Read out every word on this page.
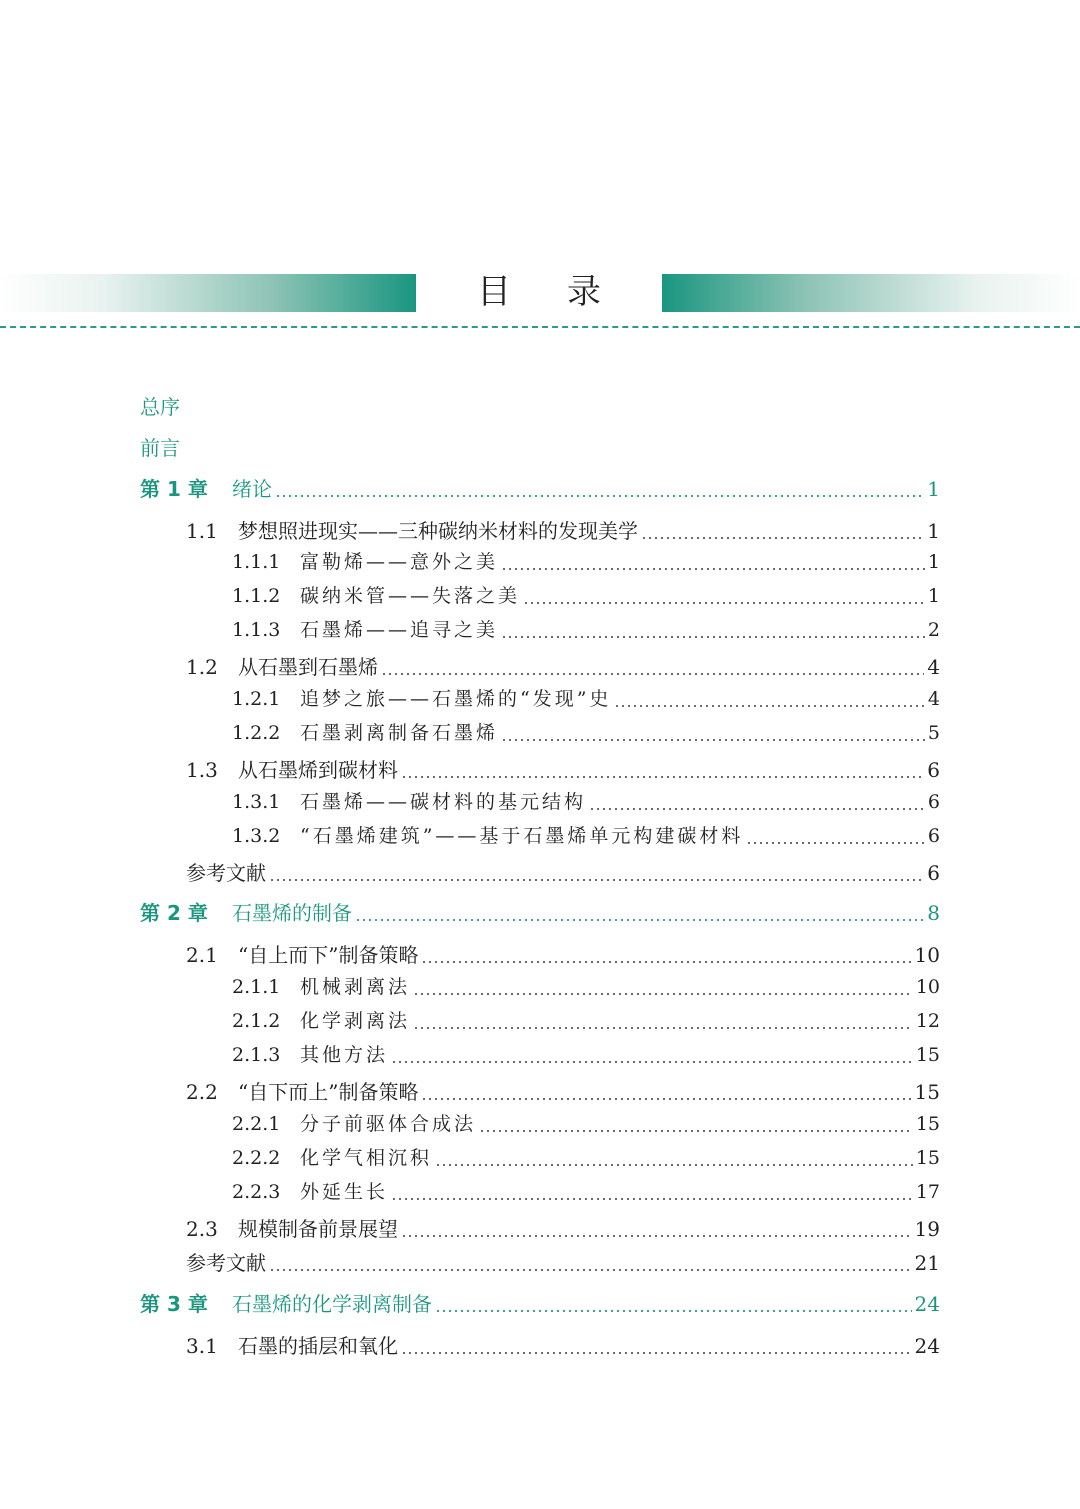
目录
总序
前言
第 1 章	绪论	1
1.1	梦想照进现实——三种碳纳米材料的发现美学	1
1.1.1	富勒烯——意外之美	1
1.1.2	碳纳米管——失落之美	1
1.1.3	石墨烯——追寻之美	2
1.2	从石墨到石墨烯	4
1.2.1	追梦之旅——石墨烯的“发现”史	4
1.2.2	石墨剥离制备石墨烯	5
1.3	从石墨烯到碳材料	6
1.3.1	石墨烯——碳材料的基元结构	6
1.3.2	“石墨烯建筑”——基于石墨烯单元构建碳材料	6
参考文献	6
第 2 章	石墨烯的制备	8
2.1	“自上而下”制备策略	10
2.1.1	机械剥离法	10
2.1.2	化学剥离法	12
2.1.3	其他方法	15
2.2	“自下而上”制备策略	15
2.2.1	分子前驱体合成法	15
2.2.2	化学气相沉积	15
2.2.3	外延生长	17
2.3	规模制备前景展望	19
参考文献	21
第 3 章	石墨烯的化学剥离制备	24
3.1	石墨的插层和氧化	24
